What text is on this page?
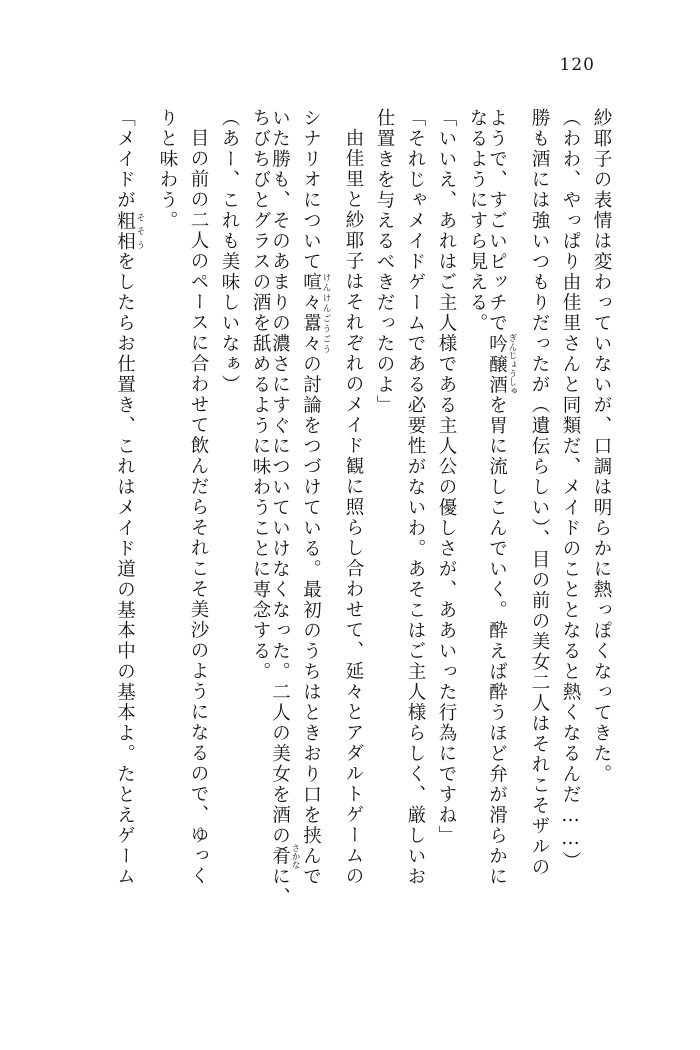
120
紗耶子の表情は変わっていないが、口調は明らかに熱っぽくなってきた。
（わわ、やっぱり由佳里さんと同類だ、メイドのこととなると熱くなるんだ……）
勝も酒には強いつもりだったが（遺伝らしい）、目の前の美女二人はそれこそザルの
ようで、すごいピッチで吟醸酒 ぎんじょうしゅを胃に流しこんでいく。酔えば酔うほど弁が滑らかに
なるようにすら見える。
「いいえ、あれはご主人様である主人公の優しさが、ああいった行為にですね」
「それじゃメイドゲームである必要性がないわ。あそこはご主人様らしく、厳しいお
仕置きを与えるべきだったのよ」
由佳里と紗耶子はそれぞれのメイド観に照らし合わせて、延々とアダルトゲームの
シナリオについて喧々囂々 けんけんごうごうの討論をつづけている。最初のうちはときおり口を挟んで
いた勝も、そのあまりの濃さにすぐについていけなくなった。二人の美女を酒の肴 さかなに、
ちびちびとグラスの酒を舐めるように味わうことに専念する。
（あー、これも美味しいなぁ）
目の前の二人のペースに合わせて飲んだらそれこそ美沙のようになるので、ゆっく
りと味わう。
「メイドが粗相 そそうをしたらお仕置き、これはメイド道の基本中の基本よ。たとえゲーム
